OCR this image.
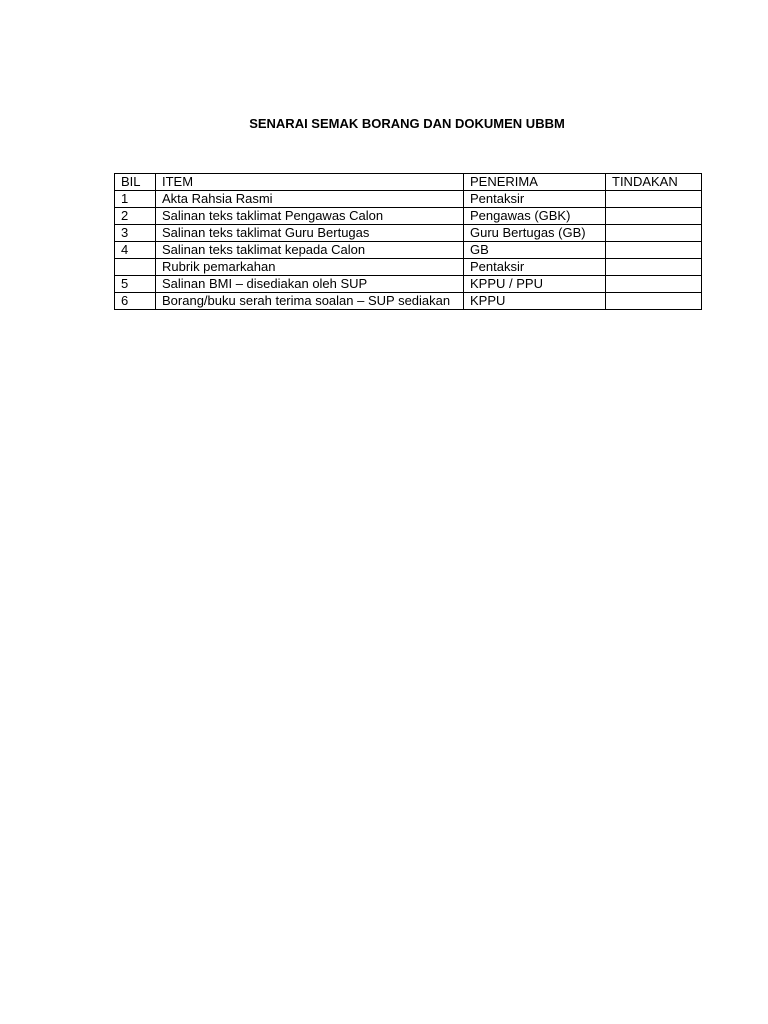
SENARAI SEMAK BORANG DAN DOKUMEN UBBM
BIL	ITEM	PENERIMA	TINDAKAN
1	Akta Rahsia Rasmi	Pentaksir	
2	Salinan teks taklimat Pengawas Calon	Pengawas (GBK)	
3	Salinan teks taklimat Guru Bertugas	Guru Bertugas (GB)	
4	Salinan teks taklimat kepada Calon	GB	
	Rubrik pemarkahan	Pentaksir	
5	Salinan BMI – disediakan oleh SUP	KPPU / PPU	
6	Borang/buku serah terima soalan – SUP sediakan	KPPU	
